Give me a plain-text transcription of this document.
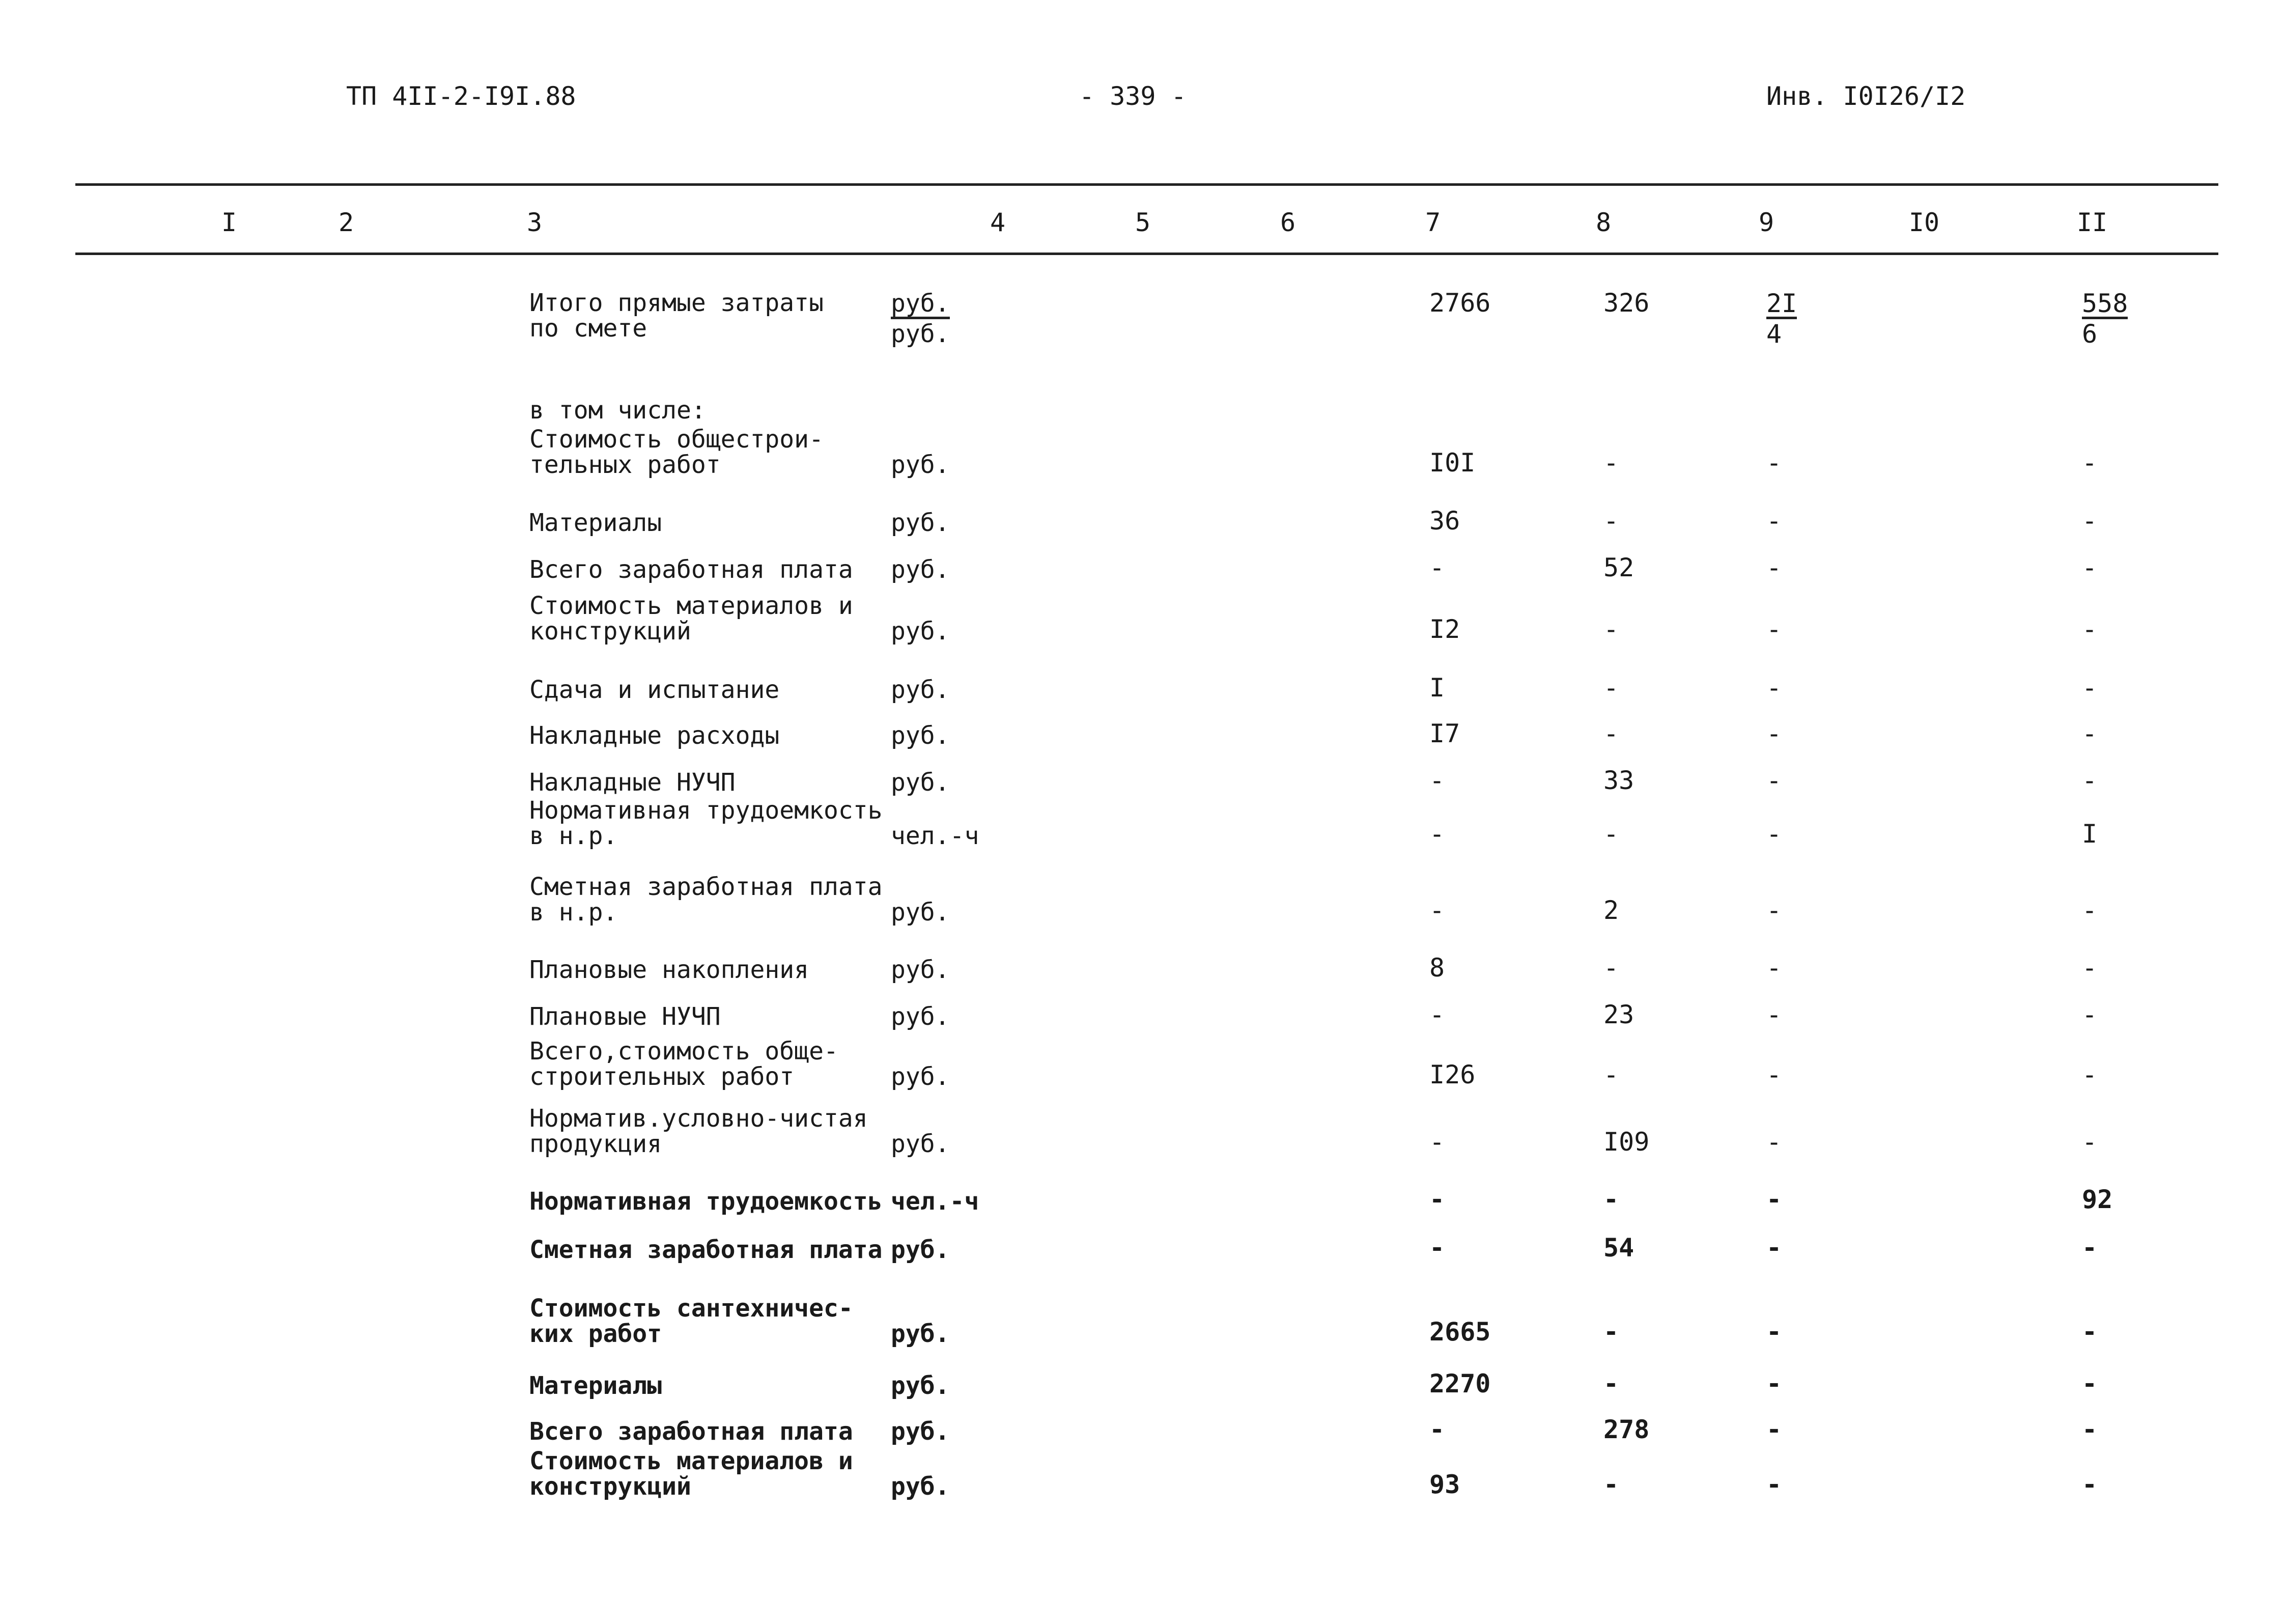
ТП 4II-2-I9I.88	- 339 -	Инв. I0I26/I2
I	2	3	4	5	6	7	8	9	I0	II
Итого прямые затраты
по смете	$\frac{\text{руб.}}{\text{руб.}}$	2766	326	$\frac{2I}{4}$	$\frac{558}{6}$
в том числе:
Стоимость общестрои-
тельных работ	руб.	I0I	-	-	-
Материалы	руб.	36	-	-	-
Всего заработная плата руб.	-	52	-	-
Стоимость материалов и
конструкций	руб.	I2	-	-	-
Сдача и испытание	руб.	I	-	-	-
Накладные расходы	руб.	I7	-	-	-
Накладные НУЧП	руб.	-	33	-	-
Нормативная трудоемкость
в н.р.	чел.-ч	-	-	-	I
Сметная заработная плата
в н.р.	руб.	-	2	-	-
Плановые накопления	руб.	8	-	-	-
Плановые НУЧП	руб.	-	23	-	-
Всего,стоимость обще-
строительных работ	руб.	I26	-	-	-
Норматив.условно-чистая
продукция	руб.	-	I09	-	-
Нормативная трудоемкость чел.-ч	-	-	-	92
Сметная заработная плата руб.	-	54	-	-
Стоимость сантехничес-
ких работ	руб.	2665	-	-	-
Материалы	руб.	2270	-	-	-
Всего заработная плата руб.	-	278	-	-
Стоимость материалов и
конструкций	руб.	93	-	-	-
